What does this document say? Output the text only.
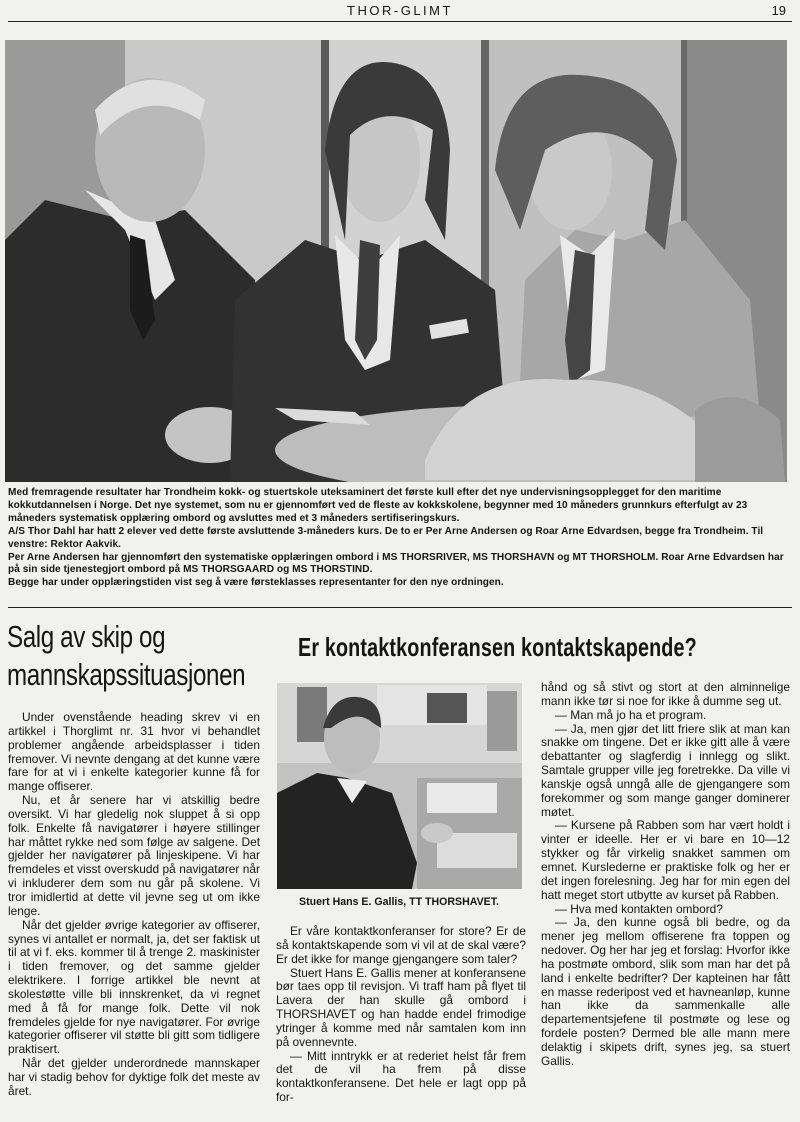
THOR-GLIMT	19

Med fremragende resultater har Trondheim kokk- og stuertskole uteksaminert det første kull efter det nye undervisningsopplegget for den maritime kokkutdannelsen i Norge. Det nye systemet, som nu er gjennomført ved de fleste av kokkskolene, begynner med 10 måneders grunnkurs efterfulgt av 23 måneders systematisk opplæring ombord og avsluttes med et 3 måneders sertifiseringskurs.

A/S Thor Dahl har hatt 2 elever ved dette første avsluttende 3-måneders kurs. De to er Per Arne Andersen og Roar Arne Edvardsen, begge fra Trondheim. Til venstre: Rektor Aakvik.

Per Arne Andersen har gjennomført den systematiske opplæringen ombord i MS THORSRIVER, MS THORSHAVN og MT THORSHOLM. Roar Arne Edvardsen har på sin side tjenestegjort ombord på MS THORSGAARD og MS THORSTIND.

Begge har under opplæringstiden vist seg å være førsteklasses representanter for den nye ordningen.

Salg av skip og
mannskapssituasjonen

Under ovenstående heading skrev vi en artikkel i Thorglimt nr. 31 hvor vi behandlet problemer angående arbeidsplasser i tiden fremover. Vi nevnte dengang at det kunne være fare for at vi i enkelte kategorier kunne få for mange offiserer.

Nu, et år senere har vi atskillig bedre oversikt. Vi har gledelig nok sluppet å si opp folk. Enkelte få navigatører i høyere stillinger har måttet rykke ned som følge av salgene. Det gjelder her navigatører på linjeskipene. Vi har fremdeles et visst overskudd på navigatører når vi inkluderer dem som nu går på skolene. Vi tror imidlertid at dette vil jevne seg ut om ikke lenge.

Når det gjelder øvrige kategorier av offiserer, synes vi antallet er normalt, ja, det ser faktisk ut til at vi f. eks. kommer til å trenge 2. maskinister i tiden fremover, og det samme gjelder elektrikere. I forrige artikkel ble nevnt at skolestøtte ville bli innskrenket, da vi regnet med å få for mange folk. Dette vil nok fremdeles gjelde for nye navigatører. For øvrige kategorier offiserer vil støtte bli gitt som tidligere praktisert.

Når det gjelder underordnede mannskaper har vi stadig behov for dyktige folk det meste av året.

Er kontaktkonferansen kontaktskapende?
Stuert Hans E. Gallis, TT THORSHAVET.

Er våre kontaktkonferanser for store? Er de så kontaktskapende som vi vil at de skal være? Er det ikke for mange gjengangere som taler?

Stuert Hans E. Gallis mener at konferansene bør taes opp til revisjon. Vi traff ham på flyet til Lavera der han skulle gå ombord i THORSHAVET og han hadde endel frimodige ytringer å komme med når samtalen kom inn på ovennevnte.

— Mitt inntrykk er at rederiet helst får frem det de vil ha frem på disse kontaktkonferansene. Det hele er lagt opp på for-

hånd og så stivt og stort at den alminnelige mann ikke tør si noe for ikke å dumme seg ut.

— Man må jo ha et program.

— Ja, men gjør det litt friere slik at man kan snakke om tingene. Det er ikke gitt alle å være debattanter og slagferdig i innlegg og slikt. Samtale grupper ville jeg foretrekke. Da ville vi kanskje også unngå alle de gjengangere som forekommer og som mange ganger dominerer møtet.

— Kursene på Rabben som har vært holdt i vinter er ideelle. Her er vi bare en 10—12 stykker og får virkelig snakket sammen om emnet. Kurslederne er praktiske folk og her er det ingen forelesning. Jeg har for min egen del hatt meget stort utbytte av kurset på Rabben.

— Hva med kontakten ombord?

— Ja, den kunne også bli bedre, og da mener jeg mellom offiserene fra toppen og nedover. Og her har jeg et forslag: Hvorfor ikke ha postmøte ombord, slik som man har det på land i enkelte bedrifter? Der kapteinen har fått en masse rederipost ved et havneanløp, kunne han ikke da sammenkalle alle departementsjefene til postmøte og lese og fordele posten? Dermed ble alle mann mere delaktig i skipets drift, synes jeg, sa stuert Gallis.
